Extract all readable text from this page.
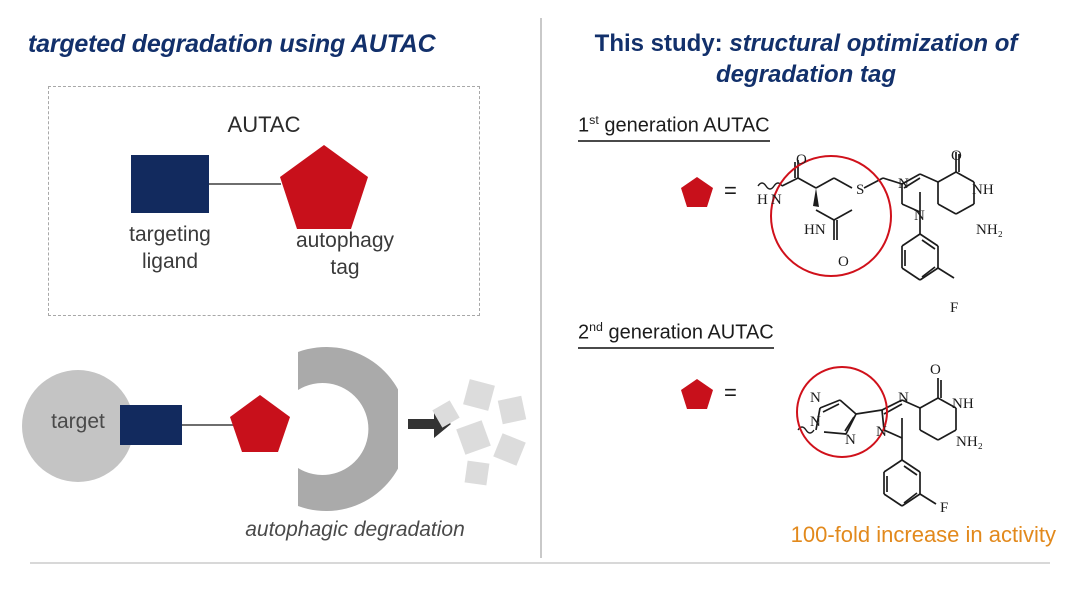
targeted degradation using AUTAC
AUTAC
targeting
ligand
autophagy
tag
target
autophagic degradation
This study: structural optimization of degradation tag
1st generation AUTAC
=
O
H N
HN
O
S N
N
O
NH
NH₂
F
2nd generation AUTAC
=	N
N
N
N
N
O
NH
NH₂
F
100-fold increase in activity
